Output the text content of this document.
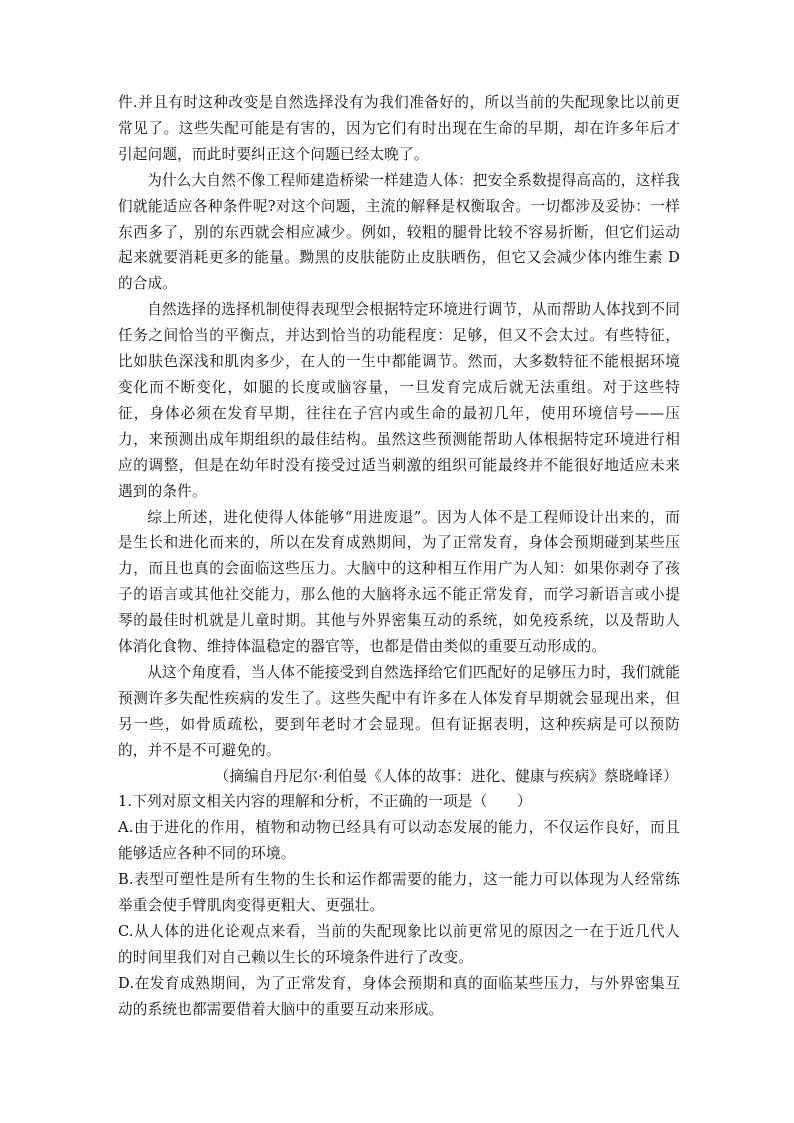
件.并且有时这种改变是自然选择没有为我们准备好的，所以当前的失配现象比以前更常见了。这些失配可能是有害的，因为它们有时出现在生命的早期，却在许多年后才引起问题，而此时要纠正这个问题已经太晚了。

为什么大自然不像工程师建造桥梁一样建造人体：把安全系数提得高高的，这样我们就能适应各种条件呢?对这个问题，主流的解释是权衡取舍。一切都涉及妥协：一样东西多了，别的东西就会相应减少。例如，较粗的腿骨比较不容易折断，但它们运动起来就要消耗更多的能量。黝黑的皮肤能防止皮肤晒伤，但它又会减少体内维生素 D 的合成。

自然选择的选择机制使得表现型会根据特定环境进行调节，从而帮助人体找到不同任务之间恰当的平衡点，并达到恰当的功能程度：足够，但又不会太过。有些特征，比如肤色深浅和肌肉多少，在人的一生中都能调节。然而，大多数特征不能根据环境变化而不断变化，如腿的长度或脑容量，一旦发育完成后就无法重组。对于这些特征，身体必须在发育早期，往往在子宫内或生命的最初几年，使用环境信号——压力，来预测出成年期组织的最佳结构。虽然这些预测能帮助人体根据特定环境进行相应的调整，但是在幼年时没有接受过适当刺激的组织可能最终并不能很好地适应未来遇到的条件。

综上所述，进化使得人体能够“用进废退”。因为人体不是工程师设计出来的，而是生长和进化而来的，所以在发育成熟期间，为了正常发育，身体会预期碰到某些压力，而且也真的会面临这些压力。大脑中的这种相互作用广为人知：如果你剥夺了孩子的语言或其他社交能力，那么他的大脑将永远不能正常发育，而学习新语言或小提琴的最佳时机就是儿童时期。其他与外界密集互动的系统，如免疫系统，以及帮助人体消化食物、维持体温稳定的器官等，也都是借由类似的重要互动形成的。

从这个角度看，当人体不能接受到自然选择给它们匹配好的足够压力时，我们就能预测许多失配性疾病的发生了。这些失配中有许多在人体发育早期就会显现出来，但另一些，如骨质疏松，要到年老时才会显现。但有证据表明，这种疾病是可以预防的，并不是不可避免的。

（摘编自丹尼尔·利伯曼《人体的故事：进化、健康与疾病》蔡晓峰译）

1.下列对原文相关内容的理解和分析，不正确的一项是（　　）

A.由于进化的作用，植物和动物已经具有可以动态发展的能力，不仅运作良好，而且能够适应各种不同的环境。

B.表型可塑性是所有生物的生长和运作都需要的能力，这一能力可以体现为人经常练举重会使手臂肌肉变得更粗大、更强壮。

C.从人体的进化论观点来看，当前的失配现象比以前更常见的原因之一在于近几代人的时间里我们对自己赖以生长的环境条件进行了改变。

D.在发育成熟期间，为了正常发育，身体会预期和真的面临某些压力，与外界密集互动的系统也都需要借着大脑中的重要互动来形成。
